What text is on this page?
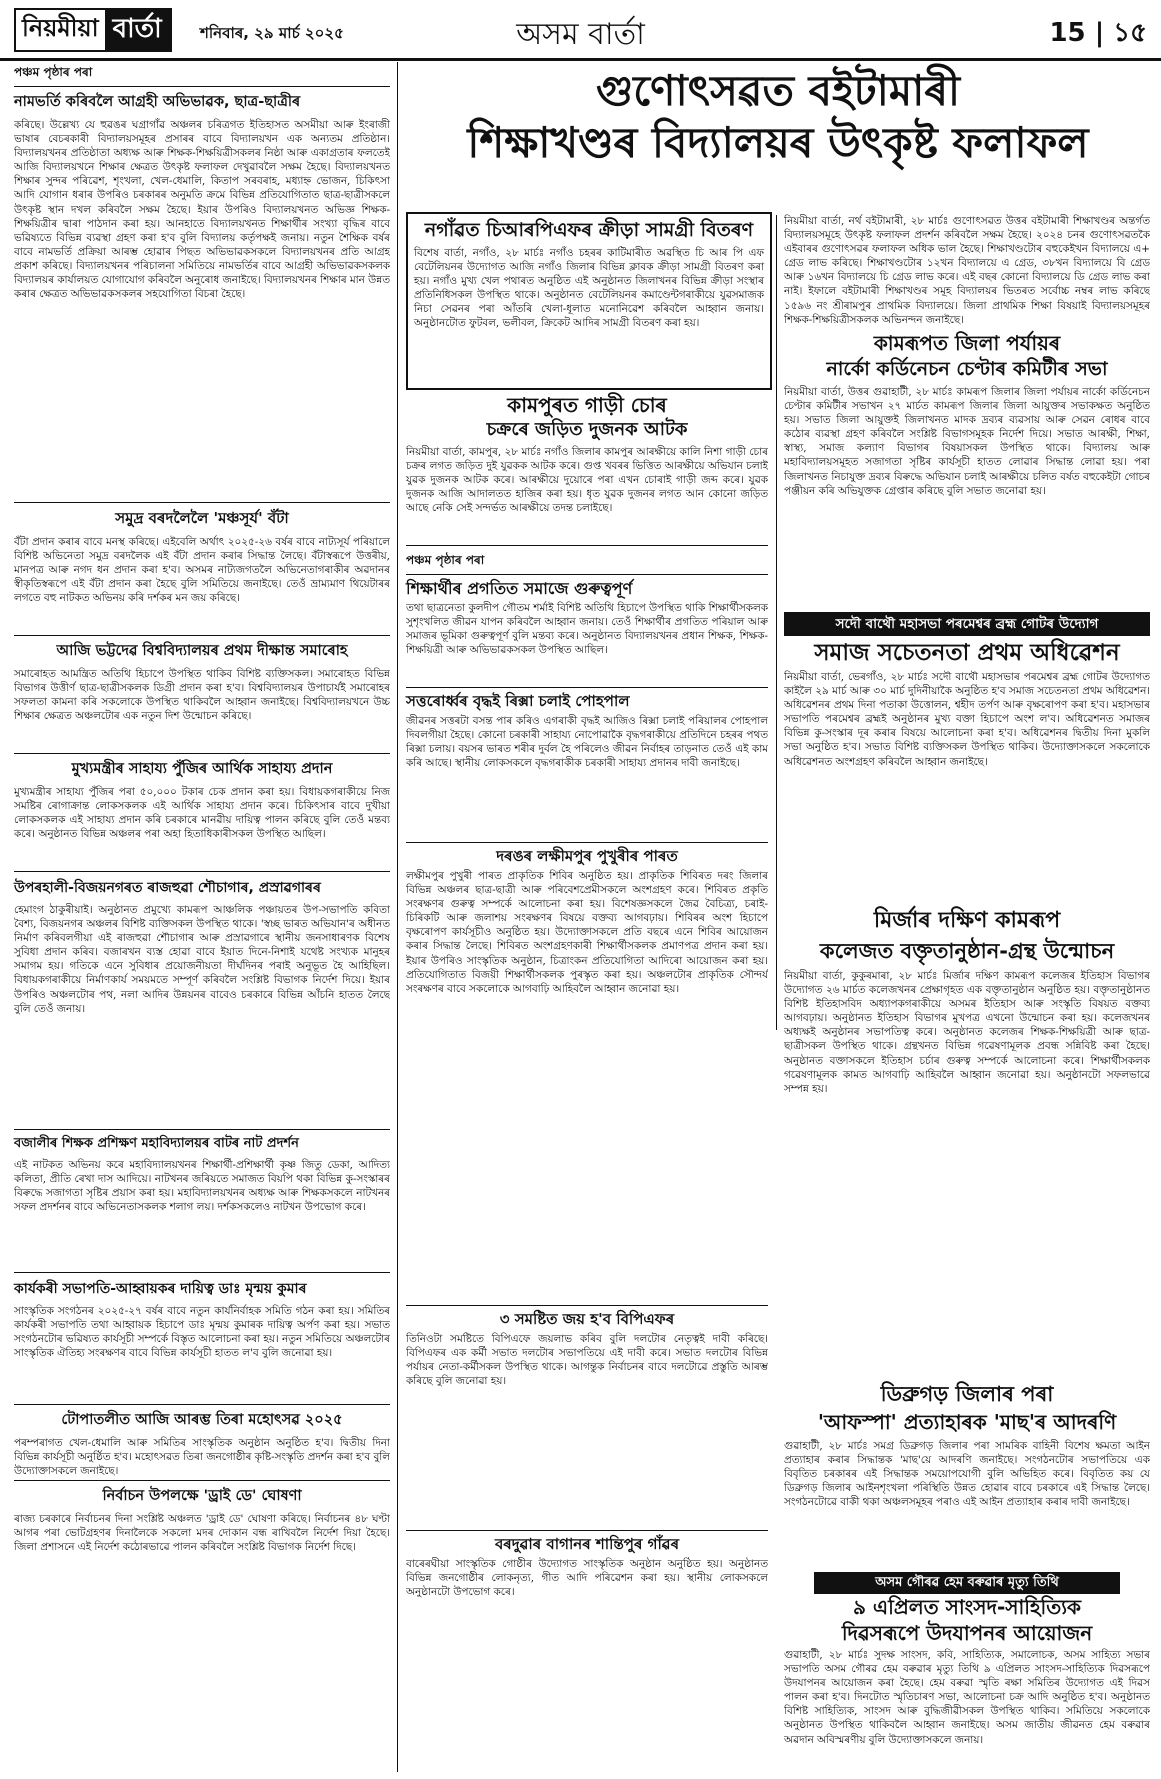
নিয়মীয়া বাৰ্তা	শনিবাৰ, ২৯ মাৰ্চ ২০২৫	অসম বাৰ্তা	15 | ১৫
পঞ্চম পৃষ্ঠাৰ পৰা
নামভৰ্তি কৰিবলৈ আগ্ৰহী অভিভাৱক, ছাত্ৰ-ছাত্ৰীৰ

কৰিছে। উল্লেখ্য যে হুৱঙৰ ঘগ্ৰাগাঁৱ অঞ্চলৰ চৰিত্ৰগত ইতিহাসত অসমীয়া আৰু ইংৰাজী ভাষাৰ বেচৰকাৰী বিদ্যালয়সমূহৰ প্ৰসাৰৰ বাবে বিদ্যালয়খন এক অন্যতম প্ৰতিষ্ঠান। বিদ্যালয়খনৰ প্ৰতিষ্ঠাতা অধ্যক্ষ আৰু শিক্ষক-শিক্ষয়িত্ৰীসকলৰ নিষ্ঠা আৰু একাগ্ৰতাৰ ফলতেই আজি বিদ্যালয়খনে শিক্ষাৰ ক্ষেত্ৰত উৎকৃষ্ট ফলাফল দেখুৱাবলৈ সক্ষম হৈছে। বিদ্যালয়খনত শিক্ষাৰ সুন্দৰ পৰিৱেশ, শৃংখলা, খেল-ধেমালি, কিতাপ সৰবৰাহ, মধ্যাহ্ন ভোজন, চিকিৎসা আদি যোগান ধৰাৰ উপৰিও চৰকাৰৰ অনুমতি ক্ৰমে বিভিন্ন প্ৰতিযোগিতাত ছাত্ৰ-ছাত্ৰীসকলে উৎকৃষ্ট স্থান দখল কৰিবলৈ সক্ষম হৈছে। ইয়াৰ উপৰিও বিদ্যালয়খনত অভিজ্ঞ শিক্ষক-শিক্ষয়িত্ৰীৰ দ্বাৰা পাঠদান কৰা হয়। আনহাতে বিদ্যালয়খনত শিক্ষাৰ্থীৰ সংখ্যা বৃদ্ধিৰ বাবে ভৱিষ্যতে বিভিন্ন ব্যৱস্থা গ্ৰহণ কৰা হ'ব বুলি বিদ্যালয় কৰ্তৃপক্ষই জনায়। নতুন শৈক্ষিক বৰ্ষৰ বাবে নামভৰ্তি প্ৰক্ৰিয়া আৰম্ভ হোৱাৰ পিছত অভিভাৱকসকলে বিদ্যালয়খনৰ প্ৰতি আগ্ৰহ প্ৰকাশ কৰিছে। বিদ্যালয়খনৰ পৰিচালনা সমিতিয়ে নামভৰ্তিৰ বাবে আগ্ৰহী অভিভাৱকসকলক বিদ্যালয়ৰ কাৰ্যালয়ত যোগাযোগ কৰিবলৈ অনুৰোধ জনাইছে। বিদ্যালয়খনৰ শিক্ষাৰ মান উন্নত কৰাৰ ক্ষেত্ৰত অভিভাৱকসকলৰ সহযোগিতা বিচৰা হৈছে।

সমুদ্ৰ বৰদলৈলৈ 'মঞ্চসূৰ্য' বঁটা

বঁটা প্ৰদান কৰাৰ বাবে মনস্থ কৰিছে। এইবেলি অৰ্থাৎ ২০২৫-২৬ বৰ্ষৰ বাবে নাট্যসূৰ্য পৰিয়ালে বিশিষ্ট অভিনেতা সমুদ্ৰ বৰদলৈক এই বঁটা প্ৰদান কৰাৰ সিদ্ধান্ত লৈছে। বঁটাস্বৰূপে উত্তৰীয়, মানপত্ৰ আৰু নগদ ধন প্ৰদান কৰা হ'ব। অসমৰ নাট্যজগতলৈ অভিনেতাগৰাকীৰ অৱদানৰ স্বীকৃতিস্বৰূপে এই বঁটা প্ৰদান কৰা হৈছে বুলি সমিতিয়ে জনাইছে। তেওঁ ভ্ৰাম্যমাণ থিয়েটাৰৰ লগতে বহু নাটকত অভিনয় কৰি দৰ্শকৰ মন জয় কৰিছে।

আজি ভট্টদেৱ বিশ্ববিদ্যালয়ৰ প্ৰথম দীক্ষান্ত সমাৰোহ

সমাৰোহত আমন্ত্ৰিত অতিথি হিচাপে উপস্থিত থাকিব বিশিষ্ট ব্যক্তিসকল। সমাৰোহত বিভিন্ন বিভাগৰ উত্তীৰ্ণ ছাত্ৰ-ছাত্ৰীসকলক ডিগ্ৰী প্ৰদান কৰা হ'ব। বিশ্ববিদ্যালয়ৰ উপাচাৰ্যই সমাৰোহৰ সফলতা কামনা কৰি সকলোকে উপস্থিত থাকিবলৈ আহ্বান জনাইছে। বিশ্ববিদ্যালয়খনে উচ্চ শিক্ষাৰ ক্ষেত্ৰত অঞ্চলটোৰ এক নতুন দিশ উন্মোচন কৰিছে।

মুখ্যমন্ত্ৰীৰ সাহায্য পুঁজিৰ আৰ্থিক সাহায্য প্ৰদান

মুখ্যমন্ত্ৰীৰ সাহায্য পুঁজিৰ পৰা ৫০,০০০ টকাৰ চেক প্ৰদান কৰা হয়। বিধায়কগৰাকীয়ে নিজ সমষ্টিৰ ৰোগাক্ৰান্ত লোকসকলক এই আৰ্থিক সাহায্য প্ৰদান কৰে। চিকিৎসাৰ বাবে দুখীয়া লোকসকলক এই সাহায্য প্ৰদান কৰি চৰকাৰে মানৱীয় দায়িত্ব পালন কৰিছে বুলি তেওঁ মন্তব্য কৰে। অনুষ্ঠানত বিভিন্ন অঞ্চলৰ পৰা অহা হিতাধিকাৰীসকল উপস্থিত আছিল।

উপৰহালী-বিজয়নগৰত ৰাজহুৱা শৌচাগাৰ, প্ৰস্ৰাৱগাৰৰ

হেমাংগ ঠাকুৰীয়াই। অনুষ্ঠানত প্ৰমুখ্যে কামৰূপ আঞ্চলিক পঞ্চায়তৰ উপ-সভাপতি কবিতা বৈশ্য, বিজয়নগৰ অঞ্চলৰ বিশিষ্ট ব্যক্তিসকল উপস্থিত থাকে। 'স্বচ্ছ ভাৰত অভিযান'ৰ অধীনত নিৰ্মাণ কৰিবলগীয়া এই ৰাজহুৱা শৌচাগাৰ আৰু প্ৰস্ৰাৱগাৰে স্থানীয় জনসাধাৰণক বিশেষ সুবিধা প্ৰদান কৰিব। বজাৰখন ব্যস্ত হোৱা বাবে ইয়াত দিনে-নিশাই যথেষ্ট সংখ্যক মানুহৰ সমাগম হয়। গতিকে এনে সুবিধাৰ প্ৰয়োজনীয়তা দীৰ্ঘদিনৰ পৰাই অনুভূত হৈ আহিছিল। বিধায়কগৰাকীয়ে নিৰ্মাণকাৰ্য সময়মতে সম্পূৰ্ণ কৰিবলৈ সংশ্লিষ্ট বিভাগক নিৰ্দেশ দিয়ে। ইয়াৰ উপৰিও অঞ্চলটোৰ পথ, নলা আদিৰ উন্নয়নৰ বাবেও চৰকাৰে বিভিন্ন আঁচনি হাতত লৈছে বুলি তেওঁ জনায়।

বজালীৰ শিক্ষক প্ৰশিক্ষণ মহাবিদ্যালয়ৰ বাটৰ নাট প্ৰদৰ্শন

এই নাটকত অভিনয় কৰে মহাবিদ্যালয়খনৰ শিক্ষাৰ্থী-প্ৰশিক্ষাৰ্থী কৃষ্ণ জিতু ডেকা, আদিত্য কলিতা, প্ৰীতি ৰেখা দাস আদিয়ে। নাটখনৰ জৰিয়তে সমাজত বিয়পি থকা বিভিন্ন কু-সংস্কাৰৰ বিৰুদ্ধে সজাগতা সৃষ্টিৰ প্ৰয়াস কৰা হয়। মহাবিদ্যালয়খনৰ অধ্যক্ষ আৰু শিক্ষকসকলে নাটখনৰ সফল প্ৰদৰ্শনৰ বাবে অভিনেতাসকলক শলাগ লয়। দৰ্শকসকলেও নাটখন উপভোগ কৰে।

কাৰ্যকৰী সভাপতি-আহ্বায়কৰ দায়িত্ব ডাঃ মৃন্ময় কুমাৰ

সাংস্কৃতিক সংগঠনৰ ২০২৫-২৭ বৰ্ষৰ বাবে নতুন কাৰ্যনিৰ্বাহক সমিতি গঠন কৰা হয়। সমিতিৰ কাৰ্যকৰী সভাপতি তথা আহ্বায়ক হিচাপে ডাঃ মৃন্ময় কুমাৰক দায়িত্ব অৰ্পণ কৰা হয়। সভাত সংগঠনটোৰ ভৱিষ্যত কাৰ্যসূচী সম্পৰ্কে বিস্তৃত আলোচনা কৰা হয়। নতুন সমিতিয়ে অঞ্চলটোৰ সাংস্কৃতিক ঐতিহ্য সংৰক্ষণৰ বাবে বিভিন্ন কাৰ্যসূচী হাতত ল'ব বুলি জনোৱা হয়।

টোপাতলীত আজি আৰম্ভ তিৰা মহোৎসৱ ২০২৫

পৰম্পৰাগত খেল-ধেমালি আৰু সমিতিৰ সাংস্কৃতিক অনুষ্ঠান অনুষ্ঠিত হ'ব। দ্বিতীয় দিনা বিভিন্ন কাৰ্যসূচী অনুৰ্ষ্ঠিত হ'ব। মহোৎসৱত তিৰা জনগোষ্ঠীৰ কৃষ্টি-সংস্কৃতি প্ৰদৰ্শন কৰা হ'ব বুলি উদ্যোক্তাসকলে জনাইছে।

নিৰ্বাচন উপলক্ষে 'ড্ৰাই ডে' ঘোষণা

ৰাজ্য চৰকাৰে নিৰ্বাচনৰ দিনা সংশ্লিষ্ট অঞ্চলত 'ড্ৰাই ডে' ঘোষণা কৰিছে। নিৰ্বাচনৰ ৪৮ ঘণ্টা আগৰ পৰা ভোটগ্ৰহণৰ দিনালৈকে সকলো মদৰ দোকান বন্ধ ৰাখিবলৈ নিৰ্দেশ দিয়া হৈছে। জিলা প্ৰশাসনে এই নিৰ্দেশ কঠোৰভাৱে পালন কৰিবলৈ সংশ্লিষ্ট বিভাগক নিৰ্দেশ দিছে।

গুণোৎসৱত বইটামাৰী
শিক্ষাখণ্ডৰ বিদ্যালয়ৰ উৎকৃষ্ট ফলাফল
নগাঁৱত চিআৰপিএফৰ ক্ৰীড়া সামগ্ৰী বিতৰণ

বিশেষ বাৰ্তা, নগাঁও, ২৮ মাৰ্চঃ নগাঁও চহৰৰ কাটিমাৰীত অৱস্থিত চি আৰ পি এফ বেটেলিয়নৰ উদ্যোগত আজি নগাঁও জিলাৰ বিভিন্ন ক্লাবক ক্ৰীড়া সামগ্ৰী বিতৰণ কৰা হয়। নগাঁও মুখ্য খেল পথাৰত অনুষ্ঠিত এই অনুষ্ঠানত জিলাখনৰ বিভিন্ন ক্ৰীড়া সংস্থাৰ প্ৰতিনিধিসকল উপস্থিত থাকে। অনুষ্ঠানত বেটেলিয়নৰ কমাণ্ডেন্টগৰাকীয়ে যুৱসমাজক নিচা সেৱনৰ পৰা আঁতৰি খেলা-ধূলাত মনোনিৱেশ কৰিবলৈ আহ্বান জনায়। অনুষ্ঠানটোত ফুটবল, ভলীবল, ক্ৰিকেট আদিৰ সামগ্ৰী বিতৰণ কৰা হয়।

নিয়মীয়া বাৰ্তা, নৰ্থ বইটামাৰী, ২৮ মাৰ্চঃ গুণোৎসৱত উত্তৰ বইটামাৰী শিক্ষাখণ্ডৰ অন্তৰ্গত বিদ্যালয়সমূহে উৎকৃষ্ট ফলাফল প্ৰদৰ্শন কৰিবলৈ সক্ষম হৈছে। ২০২৪ চনৰ গুণোৎসৱতকৈ এইবাৰৰ গুণোৎসৱৰ ফলাফল অধিক ভাল হৈছে। শিক্ষাখণ্ডটোৰ বহুকেইখন বিদ্যালয়ে এ+ গ্ৰেড লাভ কৰিছে। শিক্ষাখণ্ডটোৰ ১২খন বিদ্যালয়ে এ গ্ৰেড, ৩৮খন বিদ্যালয়ে বি গ্ৰেড আৰু ১৬খন বিদ্যালয়ে চি গ্ৰেড লাভ কৰে। এই বছৰ কোনো বিদ্যালয়ে ডি গ্ৰেড লাভ কৰা নাই। ইফালে বইটামাৰী শিক্ষাখণ্ডৰ সমূহ বিদ্যালয়ৰ ভিতৰত সৰ্বোচ্চ নম্বৰ লাভ কৰিছে ১৫৯৬ নং শ্ৰীৰামপুৰ প্ৰাথমিক বিদ্যালয়ে। জিলা প্ৰাথমিক শিক্ষা বিষয়াই বিদ্যালয়সমূহৰ শিক্ষক-শিক্ষয়িত্ৰীসকলক অভিনন্দন জনাইছে।

কামৰূপত জিলা পৰ্যায়ৰ
নাৰ্কো কৰ্ডিনেচন চেণ্টাৰ কমিটীৰ সভা

নিয়মীয়া বাৰ্তা, উত্তৰ গুৱাহাটী, ২৮ মাৰ্চঃ কামৰূপ জিলাৰ জিলা পৰ্যায়ৰ নাৰ্কো কৰ্ডিনেচন চেণ্টাৰ কমিটীৰ সভাখন ২৭ মাৰ্চত কামৰূপ জিলাৰ জিলা আয়ুক্তৰ সভাকক্ষত অনুষ্ঠিত হয়। সভাত জিলা আয়ুক্তই জিলাখনত মাদক দ্ৰব্যৰ ব্যৱসায় আৰু সেৱন ৰোধৰ বাবে কঠোৰ ব্যৱস্থা গ্ৰহণ কৰিবলৈ সংশ্লিষ্ট বিভাগসমূহক নিৰ্দেশ দিয়ে। সভাত আৰক্ষী, শিক্ষা, স্বাস্থ্য, সমাজ কল্যাণ বিভাগৰ বিষয়াসকল উপস্থিত থাকে। বিদ্যালয় আৰু মহাবিদ্যালয়সমূহত সজাগতা সৃষ্টিৰ কাৰ্যসূচী হাতত লোৱাৰ সিদ্ধান্ত লোৱা হয়। পৰা জিলাখনত নিচাযুক্ত দ্ৰব্যৰ বিৰুদ্ধে অভিযান চলাই আৰক্ষীয়ে চলিত বৰ্ষত বহুকেইটা গোচৰ পঞ্জীয়ন কৰি অভিযুক্তক গ্ৰেপ্তাৰ কৰিছে বুলি সভাত জনোৱা হয়।

কামপুৰত গাড়ী চোৰ
চক্ৰৰে জড়িত দুজনক আটক

নিয়মীয়া বাৰ্তা, কামপুৰ, ২৮ মাৰ্চঃ নগাঁও জিলাৰ কামপুৰ আৰক্ষীয়ে কালি নিশা গাড়ী চোৰ চক্ৰৰ লগত জড়িত দুই যুৱকক আটক কৰে। গুপ্ত খবৰৰ ভিত্তিত আৰক্ষীয়ে অভিযান চলাই যুৱক দুজনক আটক কৰে। আৰক্ষীয়ে দুয়োৰে পৰা এখন চোৰাই গাড়ী জব্দ কৰে। যুৱক দুজনক আজি আদালতত হাজিৰ কৰা হয়। ধৃত যুৱক দুজনৰ লগত আন কোনো জড়িত আছে নেকি সেই সন্দৰ্ভত আৰক্ষীয়ে তদন্ত চলাইছে।

পঞ্চম পৃষ্ঠাৰ পৰা
শিক্ষাৰ্থীৰ প্ৰগতিত সমাজে গুৰুত্বপূৰ্ণ

তথা ছাত্ৰনেতা কুলদীপ গৌতম শৰ্মাই বিশিষ্ট অতিথি হিচাপে উপস্থিত থাকি শিক্ষাৰ্থীসকলক সুশৃংখলিত জীৱন যাপন কৰিবলৈ আহ্বান জনায়। তেওঁ শিক্ষাৰ্থীৰ প্ৰগতিত পৰিয়াল আৰু সমাজৰ ভূমিকা গুৰুত্বপূৰ্ণ বুলি মন্তব্য কৰে। অনুষ্ঠানত বিদ্যালয়খনৰ প্ৰধান শিক্ষক, শিক্ষক-শিক্ষয়িত্ৰী আৰু অভিভাৱকসকল উপস্থিত আছিল।

সত্তৰোৰ্ধ্বৰ বৃদ্ধই ৰিক্সা চলাই পোহপাল

জীৱনৰ সত্তৰটা বসন্ত পাৰ কৰিও এগৰাকী বৃদ্ধই আজিও ৰিক্সা চলাই পৰিয়ালৰ পোহপাল দিবলগীয়া হৈছে। কোনো চৰকাৰী সাহায্য নোপোৱাকৈ বৃদ্ধগৰাকীয়ে প্ৰতিদিনে চহৰৰ পথত ৰিক্সা চলায়। বয়সৰ ভাৰত শৰীৰ দুৰ্বল হৈ পৰিলেও জীৱন নিৰ্বাহৰ তাড়নাত তেওঁ এই কাম কৰি আছে। স্থানীয় লোকসকলে বৃদ্ধগৰাকীক চৰকাৰী সাহায্য প্ৰদানৰ দাবী জনাইছে।

দৰঙৰ লক্ষীমপুৰ পুখুৰীৰ পাৰত

লক্ষীমপুৰ পুখুৰী পাৰত প্ৰাকৃতিক শিবিৰ অনুষ্ঠিত হয়। প্ৰাকৃতিক শিবিৰত দৰং জিলাৰ বিভিন্ন অঞ্চলৰ ছাত্ৰ-ছাত্ৰী আৰু পৰিবেশপ্ৰেমীসকলে অংশগ্ৰহণ কৰে। শিবিৰত প্ৰকৃতি সংৰক্ষণৰ গুৰুত্ব সম্পৰ্কে আলোচনা কৰা হয়। বিশেষজ্ঞসকলে জৈৱ বৈচিত্ৰ্য, চৰাই-চিৰিকটি আৰু জলাশয় সংৰক্ষণৰ বিষয়ে বক্তব্য আগবঢ়ায়। শিবিৰৰ অংশ হিচাপে বৃক্ষৰোপণ কাৰ্যসূচীও অনুষ্ঠিত হয়। উদ্যোক্তাসকলে প্ৰতি বছৰে এনে শিবিৰ আয়োজন কৰাৰ সিদ্ধান্ত লৈছে। শিবিৰত অংশগ্ৰহণকাৰী শিক্ষাৰ্থীসকলক প্ৰমাণপত্ৰ প্ৰদান কৰা হয়। ইয়াৰ উপৰিও সাংস্কৃতিক অনুষ্ঠান, চিত্ৰাংকন প্ৰতিযোগিতা আদিৰো আয়োজন কৰা হয়। প্ৰতিযোগিতাত বিজয়ী শিক্ষাৰ্থীসকলক পুৰস্কৃত কৰা হয়। অঞ্চলটোৰ প্ৰাকৃতিক সৌন্দৰ্য সংৰক্ষণৰ বাবে সকলোকে আগবাঢ়ি আহিবলৈ আহ্বান জনোৱা হয়।

৩ সমষ্টিত জয় হ'ব বিপিএফৰ

তিনিওটা সমষ্টিতে বিপিএফে জয়লাভ কৰিব বুলি দলটোৰ নেতৃত্বই দাবী কৰিছে। বিপিএফৰ এক কৰ্মী সভাত দলটোৰ সভাপতিয়ে এই দাবী কৰে। সভাত দলটোৰ বিভিন্ন পৰ্যায়ৰ নেতা-কৰ্মীসকল উপস্থিত থাকে। আগন্তুক নিৰ্বাচনৰ বাবে দলটোৱে প্ৰস্তুতি আৰম্ভ কৰিছে বুলি জনোৱা হয়।

বৰদুৱাৰ বাগানৰ শান্তিপুৰ গাঁৱৰ

বাৰেৰঘীয়া সাংস্কৃতিক গোষ্ঠীৰ উদ্যোগত সাংস্কৃতিক অনুষ্ঠান অনুষ্ঠিত হয়। অনুষ্ঠানত বিভিন্ন জনগোষ্ঠীৰ লোকনৃত্য, গীত আদি পৰিৱেশন কৰা হয়। স্থানীয় লোকসকলে অনুষ্ঠানটো উপভোগ কৰে।

সদৌ বাথৌ মহাসভা পৰমেশ্বৰ ব্ৰহ্ম গোটৰ উদ্যোগ
সমাজ সচেতনতা প্ৰথম অধিৱেশন

নিয়মীয়া বাৰ্তা, ভেৰগাঁও, ২৮ মাৰ্চঃ সদৌ বাথৌ মহাসভাৰ পৰমেশ্বৰ ব্ৰহ্ম গোটৰ উদ্যোগত কাইলৈ ২৯ মাৰ্চ আৰু ৩০ মাৰ্চ দুদিনীয়াকৈ অনুষ্ঠিত হ'ব সমাজ সচেতনতা প্ৰথম অধিৱেশন। অধিৱেশনৰ প্ৰথম দিনা পতাকা উত্তোলন, শ্বহীদ তৰ্পণ আৰু বৃক্ষৰোপণ কৰা হ'ব। মহাসভাৰ সভাপতি পৰমেশ্বৰ ব্ৰহ্মই অনুষ্ঠানৰ মুখ্য বক্তা হিচাপে অংশ ল'ব। অধিৱেশনত সমাজৰ বিভিন্ন কু-সংস্কাৰ দূৰ কৰাৰ বিষয়ে আলোচনা কৰা হ'ব। অধিৱেশনৰ দ্বিতীয় দিনা মুকলি সভা অনুষ্ঠিত হ'ব। সভাত বিশিষ্ট ব্যক্তিসকল উপস্থিত থাকিব। উদ্যোক্তাসকলে সকলোকে অধিৱেশনত অংশগ্ৰহণ কৰিবলৈ আহ্বান জনাইছে।

মিৰ্জাৰ দক্ষিণ কামৰূপ
কলেজত বক্তৃতানুষ্ঠান-গ্ৰন্থ উন্মোচন

নিয়মীয়া বাৰ্তা, কুকুৰমাৰা, ২৮ মাৰ্চঃ মিৰ্জাৰ দক্ষিণ কামৰূপ কলেজৰ ইতিহাস বিভাগৰ উদ্যোগত ২৬ মাৰ্চত কলেজখনৰ প্ৰেক্ষাগৃহত এক বক্তৃতানুষ্ঠান অনুষ্ঠিত হয়। বক্তৃতানুষ্ঠানত বিশিষ্ট ইতিহাসবিদ অধ্যাপকগৰাকীয়ে অসমৰ ইতিহাস আৰু সংস্কৃতি বিষয়ত বক্তব্য আগবঢ়ায়। অনুষ্ঠানত ইতিহাস বিভাগৰ মুখপত্ৰ এখনো উন্মোচন কৰা হয়। কলেজখনৰ অধ্যক্ষই অনুষ্ঠানৰ সভাপতিত্ব কৰে। অনুষ্ঠানত কলেজৰ শিক্ষক-শিক্ষয়িত্ৰী আৰু ছাত্ৰ-ছাত্ৰীসকল উপস্থিত থাকে। গ্ৰন্থখনত বিভিন্ন গৱেষণামূলক প্ৰবন্ধ সন্নিবিষ্ট কৰা হৈছে। অনুষ্ঠানত বক্তাসকলে ইতিহাস চৰ্চাৰ গুৰুত্ব সম্পৰ্কে আলোচনা কৰে। শিক্ষাৰ্থীসকলক গৱেষণামূলক কামত আগবাঢ়ি আহিবলৈ আহ্বান জনোৱা হয়। অনুষ্ঠানটো সফলভাৱে সম্পন্ন হয়।

ডিব্ৰুগড় জিলাৰ পৰা
'আফস্পা' প্ৰত্যাহাৰক 'মাছ'ৰ আদৰণি

গুৱাহাটী, ২৮ মাৰ্চঃ সমগ্ৰ ডিব্ৰুগড় জিলাৰ পৰা সামৰিক বাহিনী বিশেষ ক্ষমতা আইন প্ৰত্যাহাৰ কৰাৰ সিদ্ধান্তক 'মাছ'য়ে আদৰণি জনাইছে। সংগঠনটোৰ সভাপতিয়ে এক বিবৃতিত চৰকাৰৰ এই সিদ্ধান্তক সময়োপযোগী বুলি অভিহিত কৰে। বিবৃতিত কয় যে ডিব্ৰুগড় জিলাৰ আইনশৃংখলা পৰিস্থিতি উন্নত হোৱাৰ বাবে চৰকাৰে এই সিদ্ধান্ত লৈছে। সংগঠনটোৱে বাকী থকা অঞ্চলসমূহৰ পৰাও এই আইন প্ৰত্যাহাৰ কৰাৰ দাবী জনাইছে।

অসম গৌৰৱ হেম বৰুৱাৰ মৃত্যু তিথি
৯ এপ্ৰিলত সাংসদ-সাহিত্যিক
দিৱসৰূপে উদযাপনৰ আয়োজন

গুৱাহাটী, ২৮ মাৰ্চঃ সুদক্ষ সাংসদ, কবি, সাহিত্যিক, সমালোচক, অসম সাহিত্য সভাৰ সভাপতি অসম গৌৰৱ হেম বৰুৱাৰ মৃত্যু তিথি ৯ এপ্ৰিলত সাংসদ-সাহিত্যিক দিৱসৰূপে উদযাপনৰ আয়োজন কৰা হৈছে। হেম বৰুৱা স্মৃতি ৰক্ষা সমিতিৰ উদ্যোগত এই দিৱস পালন কৰা হ'ব। দিনটোত স্মৃতিচাৰণ সভা, আলোচনা চক্ৰ আদি অনুষ্ঠিত হ'ব। অনুষ্ঠানত বিশিষ্ট সাহিত্যিক, সাংসদ আৰু বুদ্ধিজীৱীসকল উপস্থিত থাকিব। সমিতিয়ে সকলোকে অনুষ্ঠানত উপস্থিত থাকিবলৈ আহ্বান জনাইছে। অসম জাতীয় জীৱনত হেম বৰুৱাৰ অৱদান অবিস্মৰণীয় বুলি উদ্যোক্তাসকলে জনায়।
